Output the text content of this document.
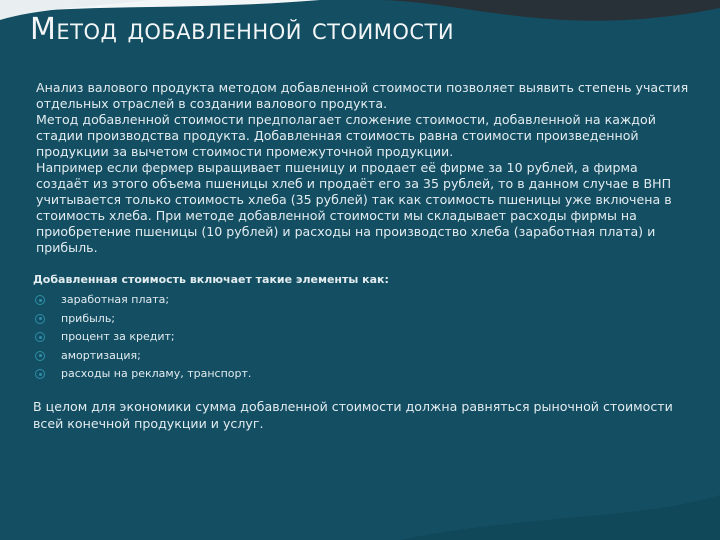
Метод добавленной стоимости

Анализ валового продукта методом добавленной стоимости позволяет выявить степень участия отдельных отраслей в создании валового продукта.

Метод добавленной стоимости предполагает сложение стоимости, добавленной на каждой стадии производства продукта. Добавленная стоимость равна стоимости произведенной продукции за вычетом стоимости промежуточной продукции.

Например если фермер выращивает пшеницу и продает её фирме за 10 рублей, а фирма создаёт из этого объема пшеницы хлеб и продаёт его за 35 рублей, то в данном случае в ВНП учитывается только стоимость хлеба (35 рублей) так как стоимость пшеницы уже включена в стоимость хлеба. При методе добавленной стоимости мы складывает расходы фирмы на приобретение пшеницы (10 рублей) и расходы на производство хлеба (заработная плата) и прибыль.

Добавленная стоимость включает такие элементы как:
заработная плата;
прибыль;
процент за кредит;
амортизация;
расходы на рекламу, транспорт.

В целом для экономики сумма добавленной стоимости должна равняться рыночной стоимости всей конечной продукции и услуг.
